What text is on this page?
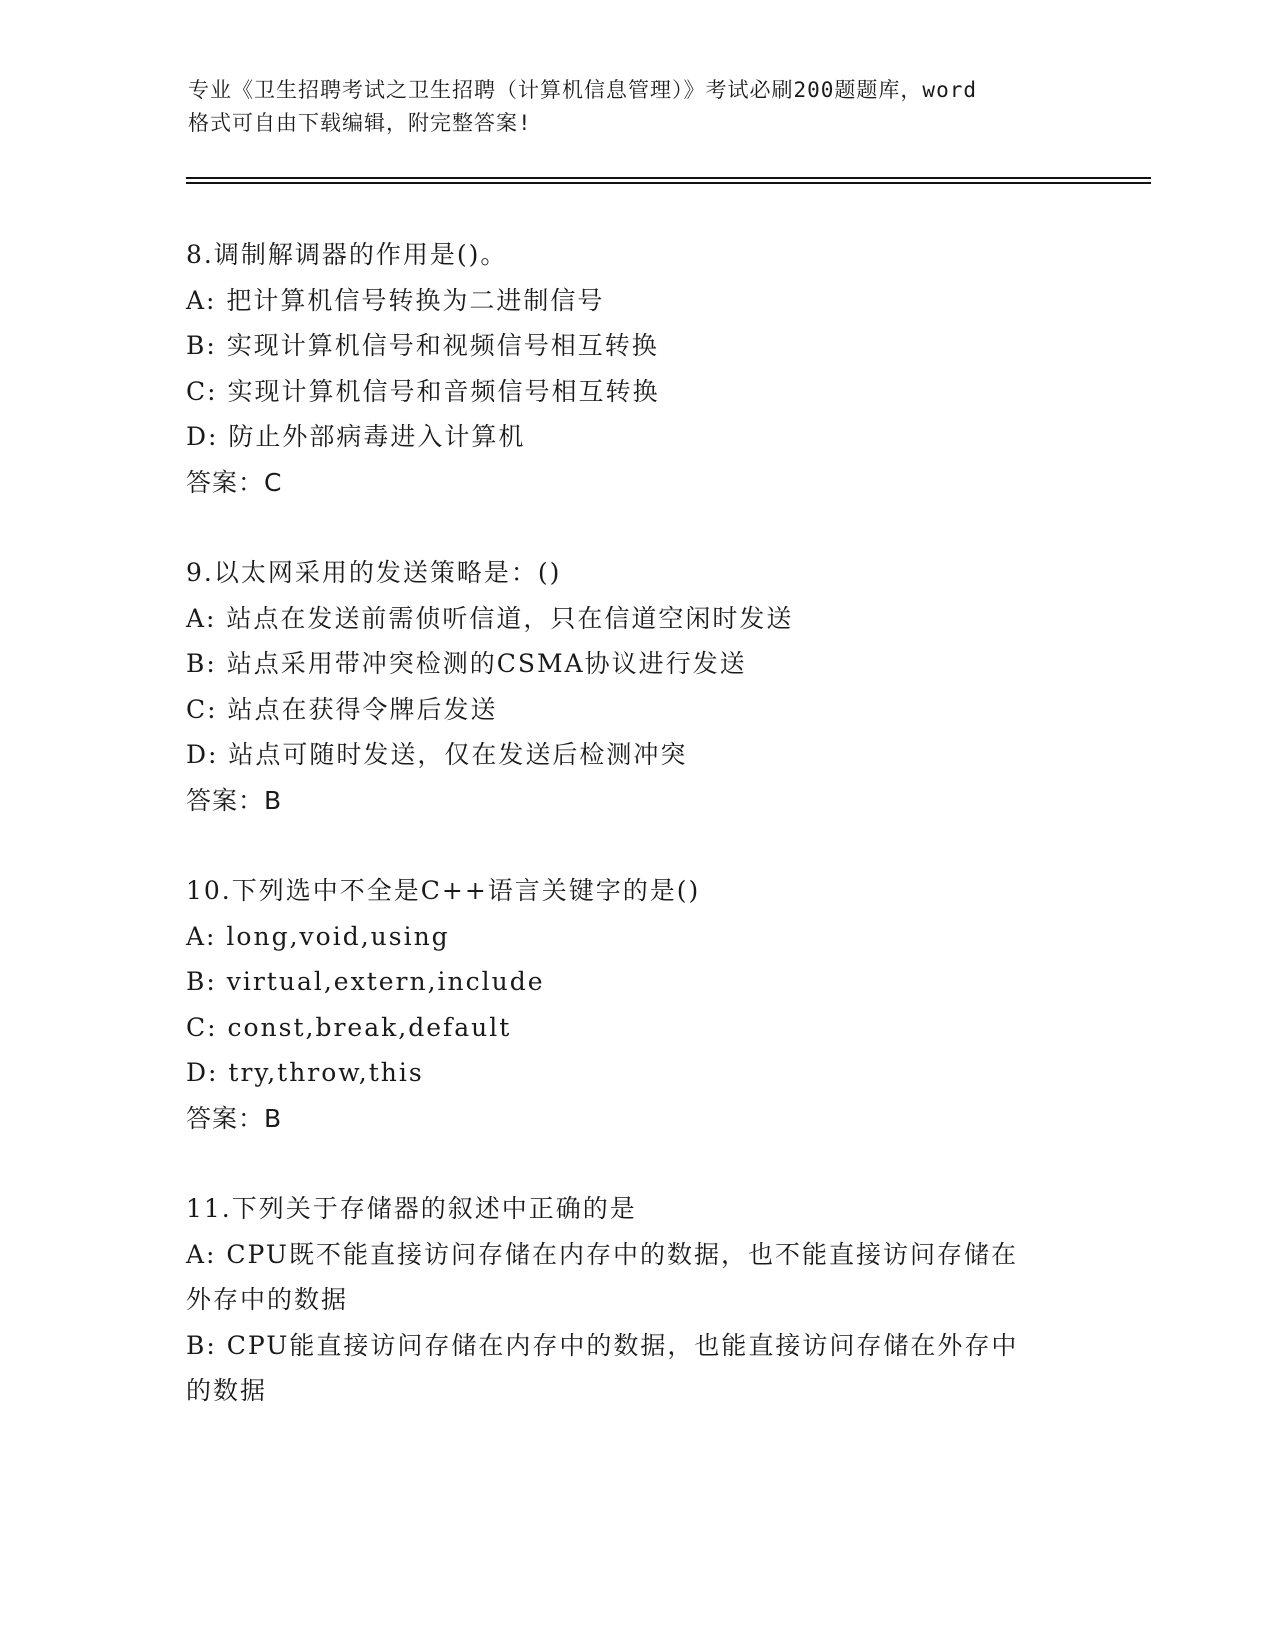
专业《卫生招聘考试之卫生招聘（计算机信息管理）》考试必刷200题题库，word
格式可自由下载编辑，附完整答案!
8.调制解调器的作用是()。
A: 把计算机信号转换为二进制信号
B: 实现计算机信号和视频信号相互转换
C: 实现计算机信号和音频信号相互转换
D: 防止外部病毒进入计算机
答案：C
9.以太网采用的发送策略是：()
A: 站点在发送前需侦听信道，只在信道空闲时发送
B: 站点采用带冲突检测的CSMA协议进行发送
C: 站点在获得令牌后发送
D: 站点可随时发送，仅在发送后检测冲突
答案：B
10.下列选中不全是C++语言关键字的是()
A: long,void,using
B: virtual,extern,include
C: const,break,default
D: try,throw,this
答案：B
11.下列关于存储器的叙述中正确的是
A: CPU既不能直接访问存储在内存中的数据，也不能直接访问存储在
外存中的数据
B: CPU能直接访问存储在内存中的数据，也能直接访问存储在外存中
的数据
